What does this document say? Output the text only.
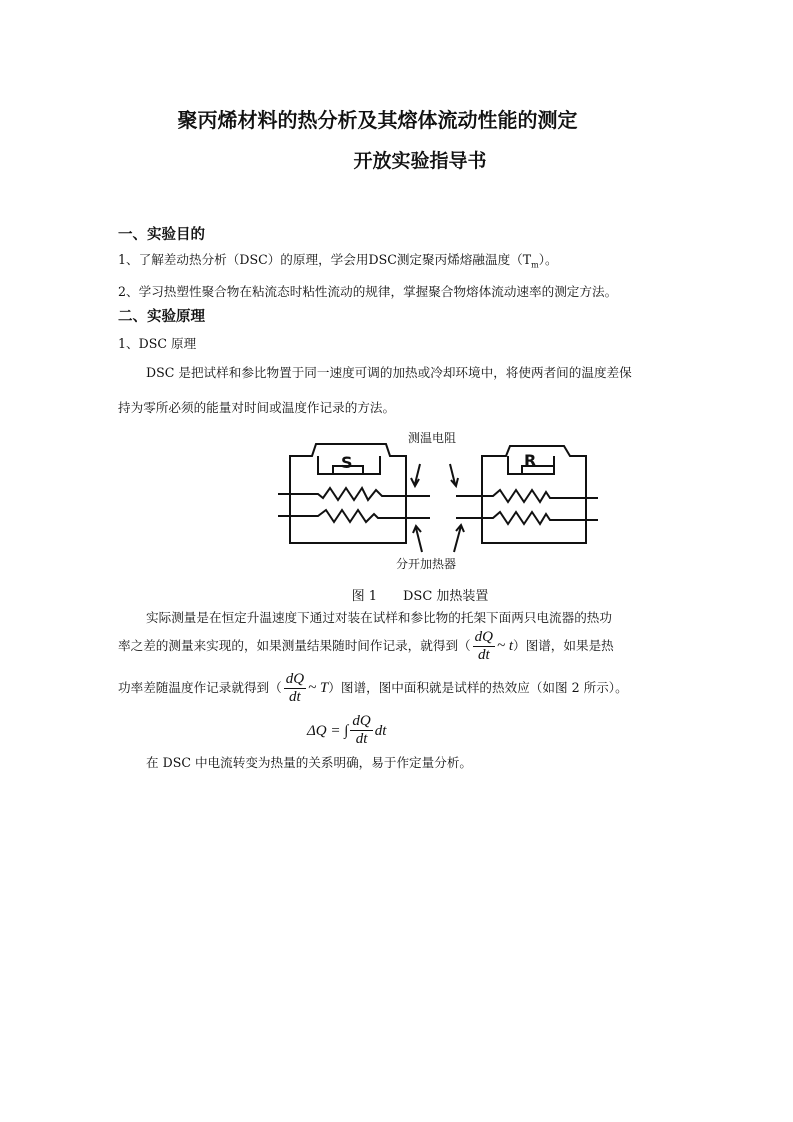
聚丙烯材料的热分析及其熔体流动性能的测定
开放实验指导书
一、实验目的
1、了解差动热分析（DSC）的原理，学会用DSC测定聚丙烯熔融温度$(T_m)$。
2、学习热塑性聚合物在粘流态时粘性流动的规律，掌握聚合物熔体流动速率的测定方法。
二、实验原理
1、DSC 原理
DSC 是把试样和参比物置于同一速度可调的加热或冷却环境中，将使两者间的温度差保
持为零所必须的能量对时间或温度作记录的方法。
S	R
测温电阻
分开加热器
图 1　　DSC 加热装置
实际测量是在恒定升温速度下通过对装在试样和参比物的托架下面两只电流器的热功
率之差的测量来实现的，如果测量结果随时间作记录，就得到（ $\frac{dQ}{dt}$ ~ t）图谱，如果是热
功率差随温度作记录就得到（ $\frac{dQ}{dt}$ ~ T）图谱，图中面积就是试样的热效应（如图 2 所示）。
ΔQ = ∫ $\frac{dQ}{dt}$ dt
在 DSC 中电流转变为热量的关系明确，易于作定量分析。
